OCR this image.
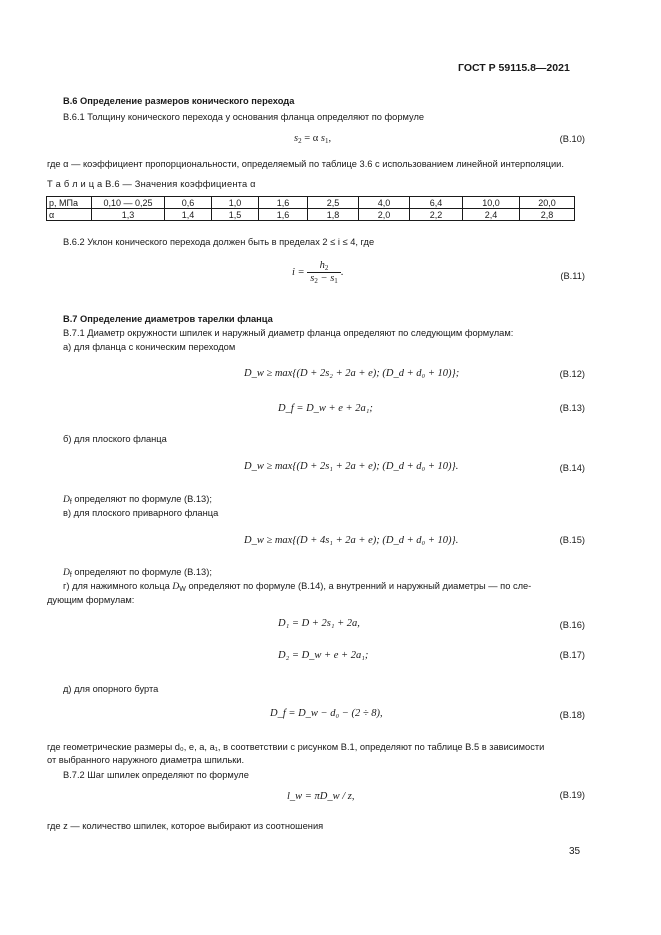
ГОСТ Р 59115.8—2021
В.6 Определение размеров конического перехода
В.6.1 Толщину конического перехода у основания фланца определяют по формуле
$s_2 = \alpha$ $s_1$,	(В.10)
где α — коэффициент пропорциональности, определяемый по таблице 3.6 с использованием линейной интерполяции.
Т а б л и ц а В.6 — Значения коэффициента α
p, МПа	0,10 — 0,25	0,6	1,0	1,6	2,5	4,0	6,4	10,0	20,0
α	1,3	1,4	1,5	1,6	1,8	2,0	2,2	2,4	2,8
В.6.2 Уклон конического перехода должен быть в пределах 2 ≤ i ≤ 4, где
$i = \frac{h_2}{s_2 - s_1}$ .	(В.11)
В.7 Определение диаметров тарелки фланца
В.7.1 Диаметр окружности шпилек и наружный диаметр фланца определяют по следующим формулам:
а) для фланца с коническим переходом
D_w ≥ max{(D + 2s₂ + 2a + e); (D_d + d₀ + 10)};	(В.12)
D_f = D_w + e + 2a₁;	(В.13)
б) для плоского фланца
D_w ≥ max{(D + 2s₁ + 2a + e); (D_d + d₀ + 10)}.	(В.14)
$D_f$ определяют по формуле (В.13);
в) для плоского приварного фланца
D_w ≥ max{(D + 4s₁ + 2a + e); (D_d + d₀ + 10)}.	(В.15)
$D_f$ определяют по формуле (В.13);
г) для нажимного кольца $D_W$ определяют по формуле (В.14), а внутренний и наружный диаметры — по сле-
дующим формулам:
D₁ = D + 2s₁ + 2a,	(В.16)
D₂ = D_w + e + 2a₁;	(В.17)
д) для опорного бурта
D_f = D_w − d₀ − (2 ÷ 8),	(В.18)
где геометрические размеры d₀, e, a, a₁, в соответствии с рисунком В.1, определяют по таблице В.5 в зависимости
от выбранного наружного диаметра шпильки.
В.7.2 Шаг шпилек определяют по формуле
l_w = πD_w / z,	(В.19)
где z — количество шпилек, которое выбирают из соотношения
35
